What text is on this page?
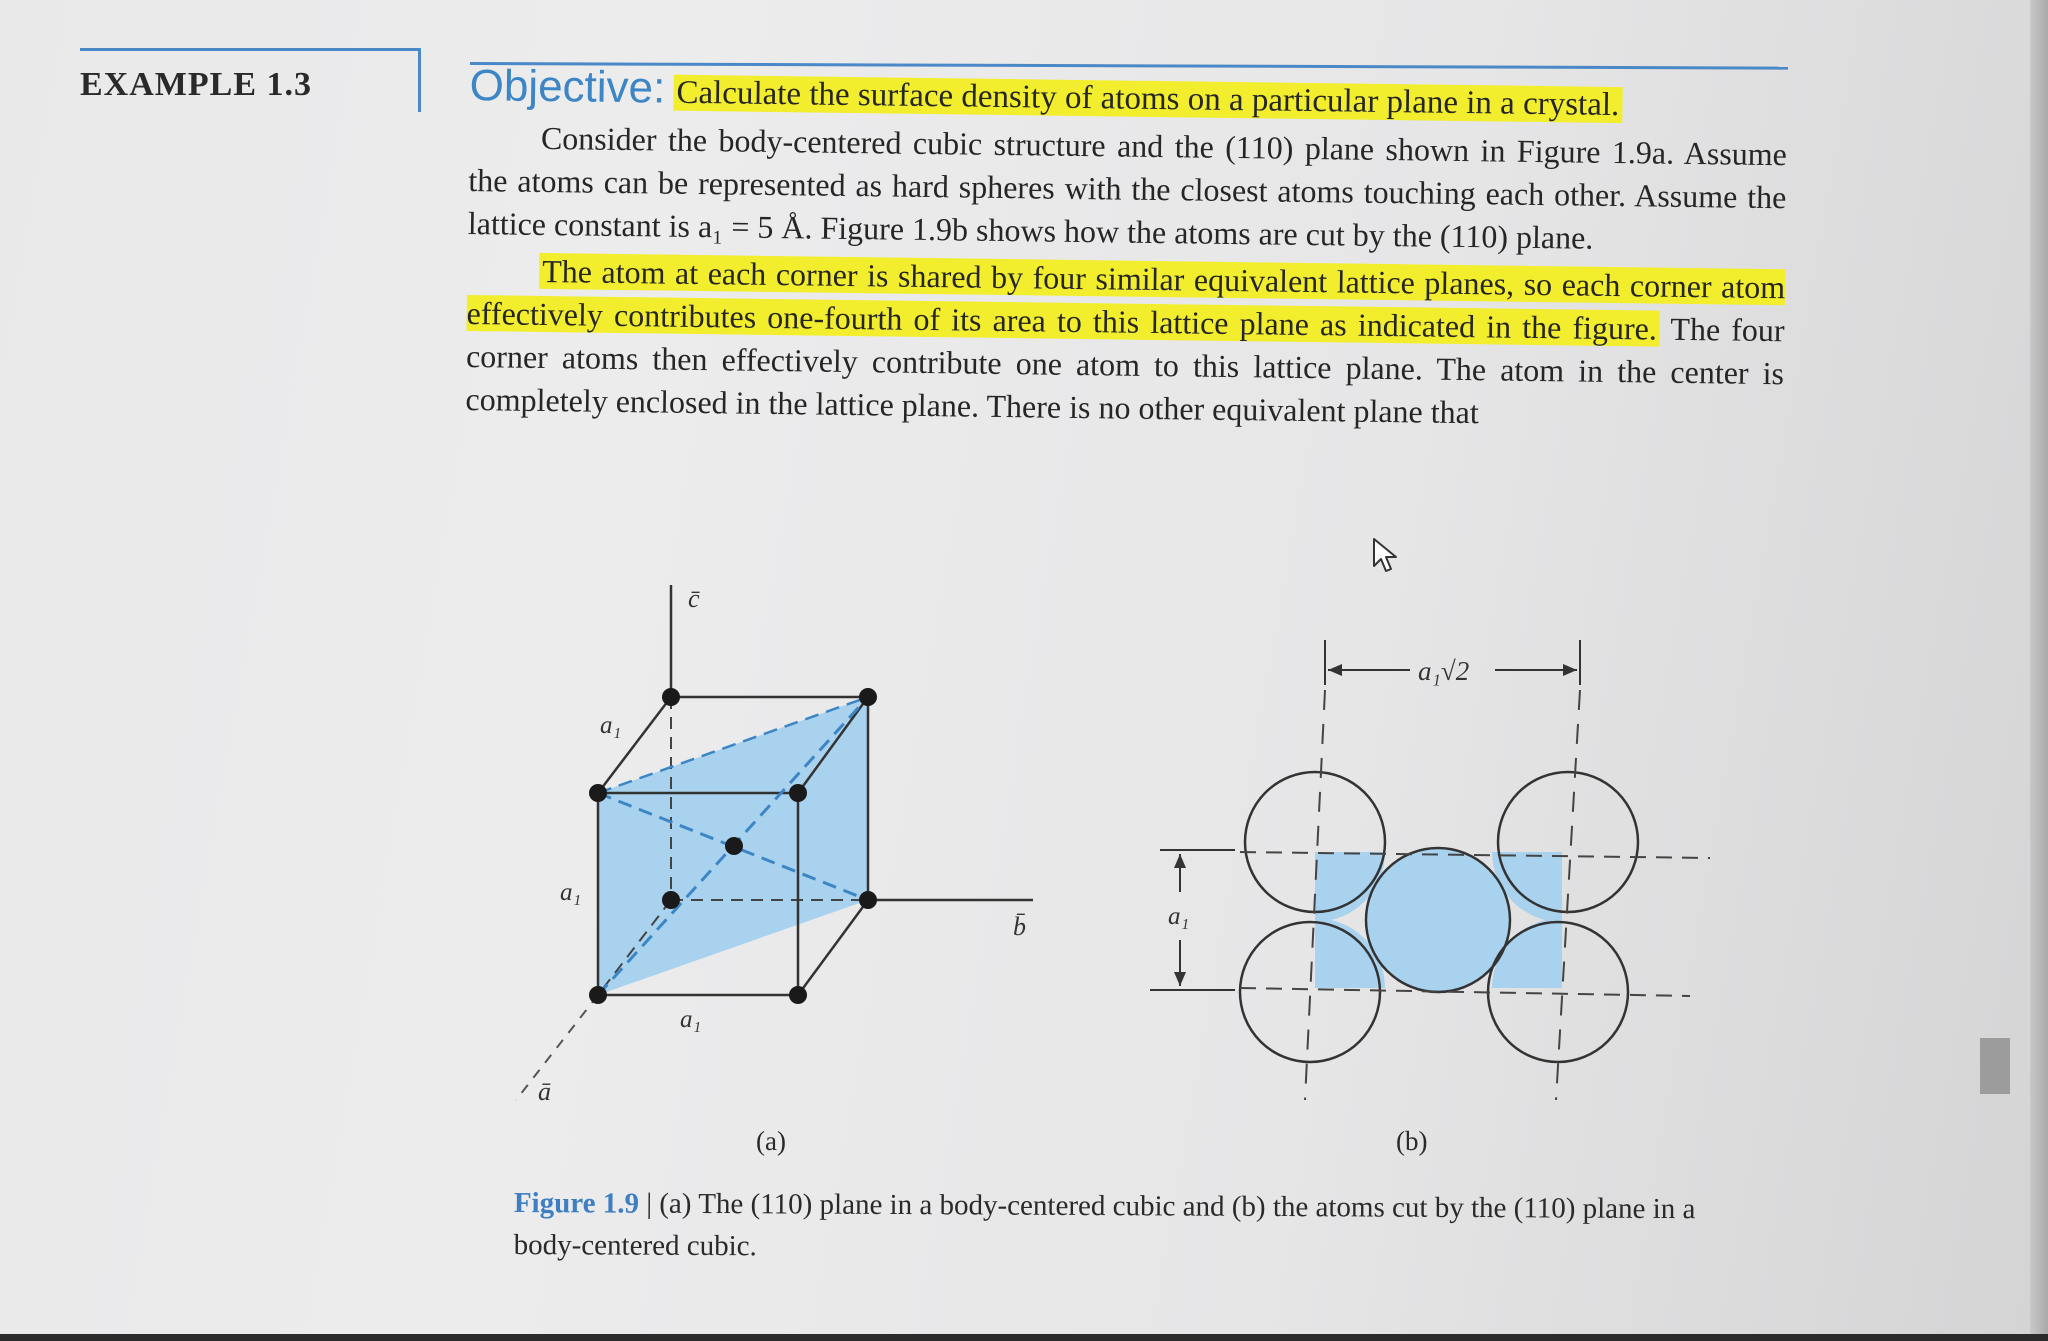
EXAMPLE 1.3	Objective: Calculate the surface density of atoms on a particular plane in a crystal.

Consider the body-centered cubic structure and the (110) plane shown in Figure 1.9a. Assume the atoms can be represented as hard spheres with the closest atoms touching each other. Assume the lattice constant is a₁ = 5 Å. Figure 1.9b shows how the atoms are cut by the (110) plane.

The atom at each corner is shared by four similar equivalent lattice planes, so each corner atom effectively contributes one-fourth of its area to this lattice plane as indicated in the figure. The four corner atoms then effectively contribute one atom to this lattice plane. The atom in the center is completely enclosed in the lattice plane. There is no other equivalent plane that

c̄
b̄
ā
a₁
a₁
a₁
a₁√2
a₁
(a)	(b)
Figure 1.9 | (a) The (110) plane in a body-centered cubic and (b) the atoms cut by the (110) plane in a body-centered cubic.
